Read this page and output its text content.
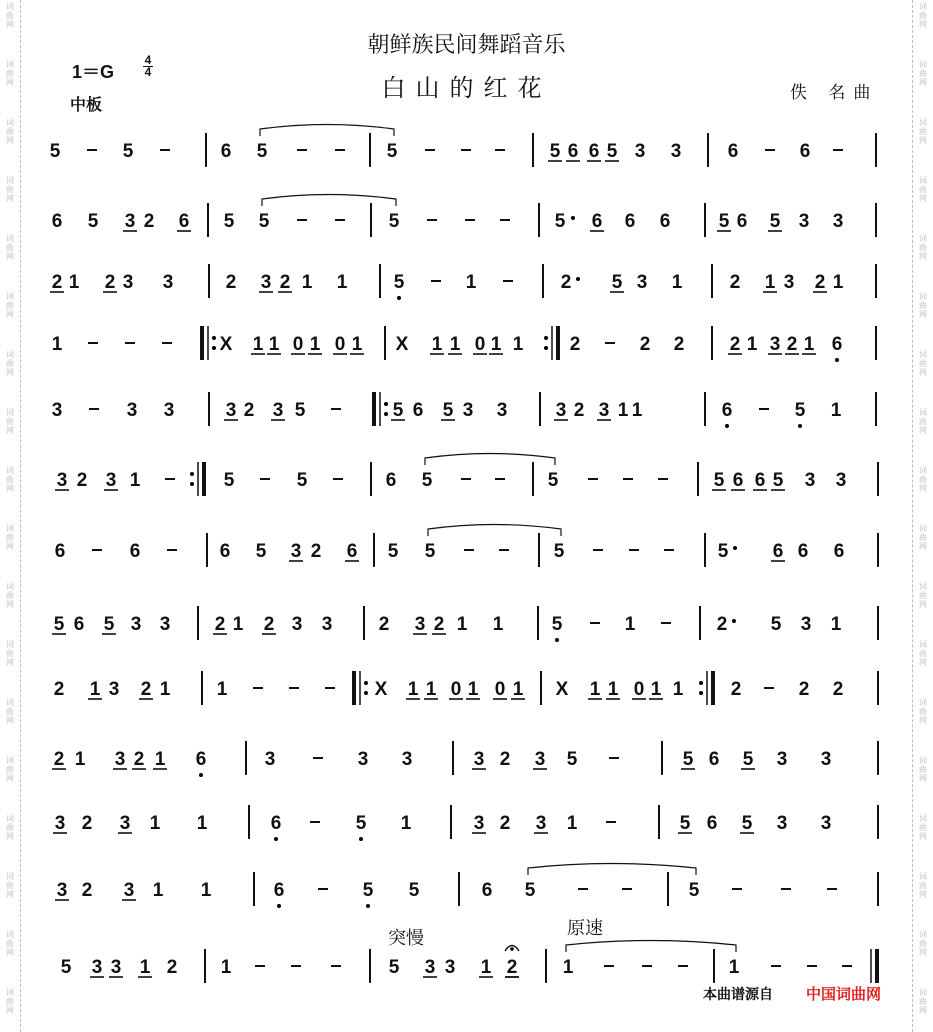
词
曲
网
词
曲
网
词
曲
网
词
曲
网
词
曲
网
词
曲
网
词
曲
网
词
曲
网
词
曲
网
词
曲
网
词
曲
网
词
曲
网
词
曲
网
词
曲
网
词
曲
网
词
曲
网
词
曲
网
词
曲
网
词
曲
网
词
曲
网
词
曲
网
词
曲
网
词
曲
网
词
曲
网
词
曲
网
词
曲
网
词
曲
网
词
曲
网
词
曲
网
词
曲
网
词
曲
网
词
曲
网
词
曲
网
词
曲
网
词
曲
网
词
曲
网
朝鲜族民间舞蹈音乐
白山的红花
1＝G
4
4
中板
佚 名曲
5	5	6 5	5	5 6 6 5 3 3 6	6
6 5 3 2 6 5 5	5	5 6 6 6	5 6 5 3 3
2 1 2 3 3	2 3 2 1 1 5	1	2 5 3 1 2 1 3 2 1
1	X 1 1 0 1 0 1 X 1 1 0 1 1 2	2 2 2 1 3 2 1 6
3	3 3	3 2 3 5	5 6 5 3 3	3 2 3 1 1	6	5 1
3 2 3 1	5	5	6 5	5	5 6 6 5 3 3
6	6	6 5 3 2 6 5 5	5	5 6 6 6
5 6 5 3 3 2 1 2 3 3 2 3 2 1 1	5	1	2 5 3 1
2 1 3 2 1 1	X 1 1 0 1 0 1 X 1 1 0 1 1 2	2 2
2 1 3 2 1 6	3	3 3	3 2 3 5	5 6 5 3 3
3 2 3 1 1	6	5 1	3 2 3 1	5 6 5 3 3
3 2 3 1 1	6	5 5	6 5	5
5 3 3 1 2 1	5 3 3 1 2 1	1
突慢	原速
本曲谱源自 中国词曲网
